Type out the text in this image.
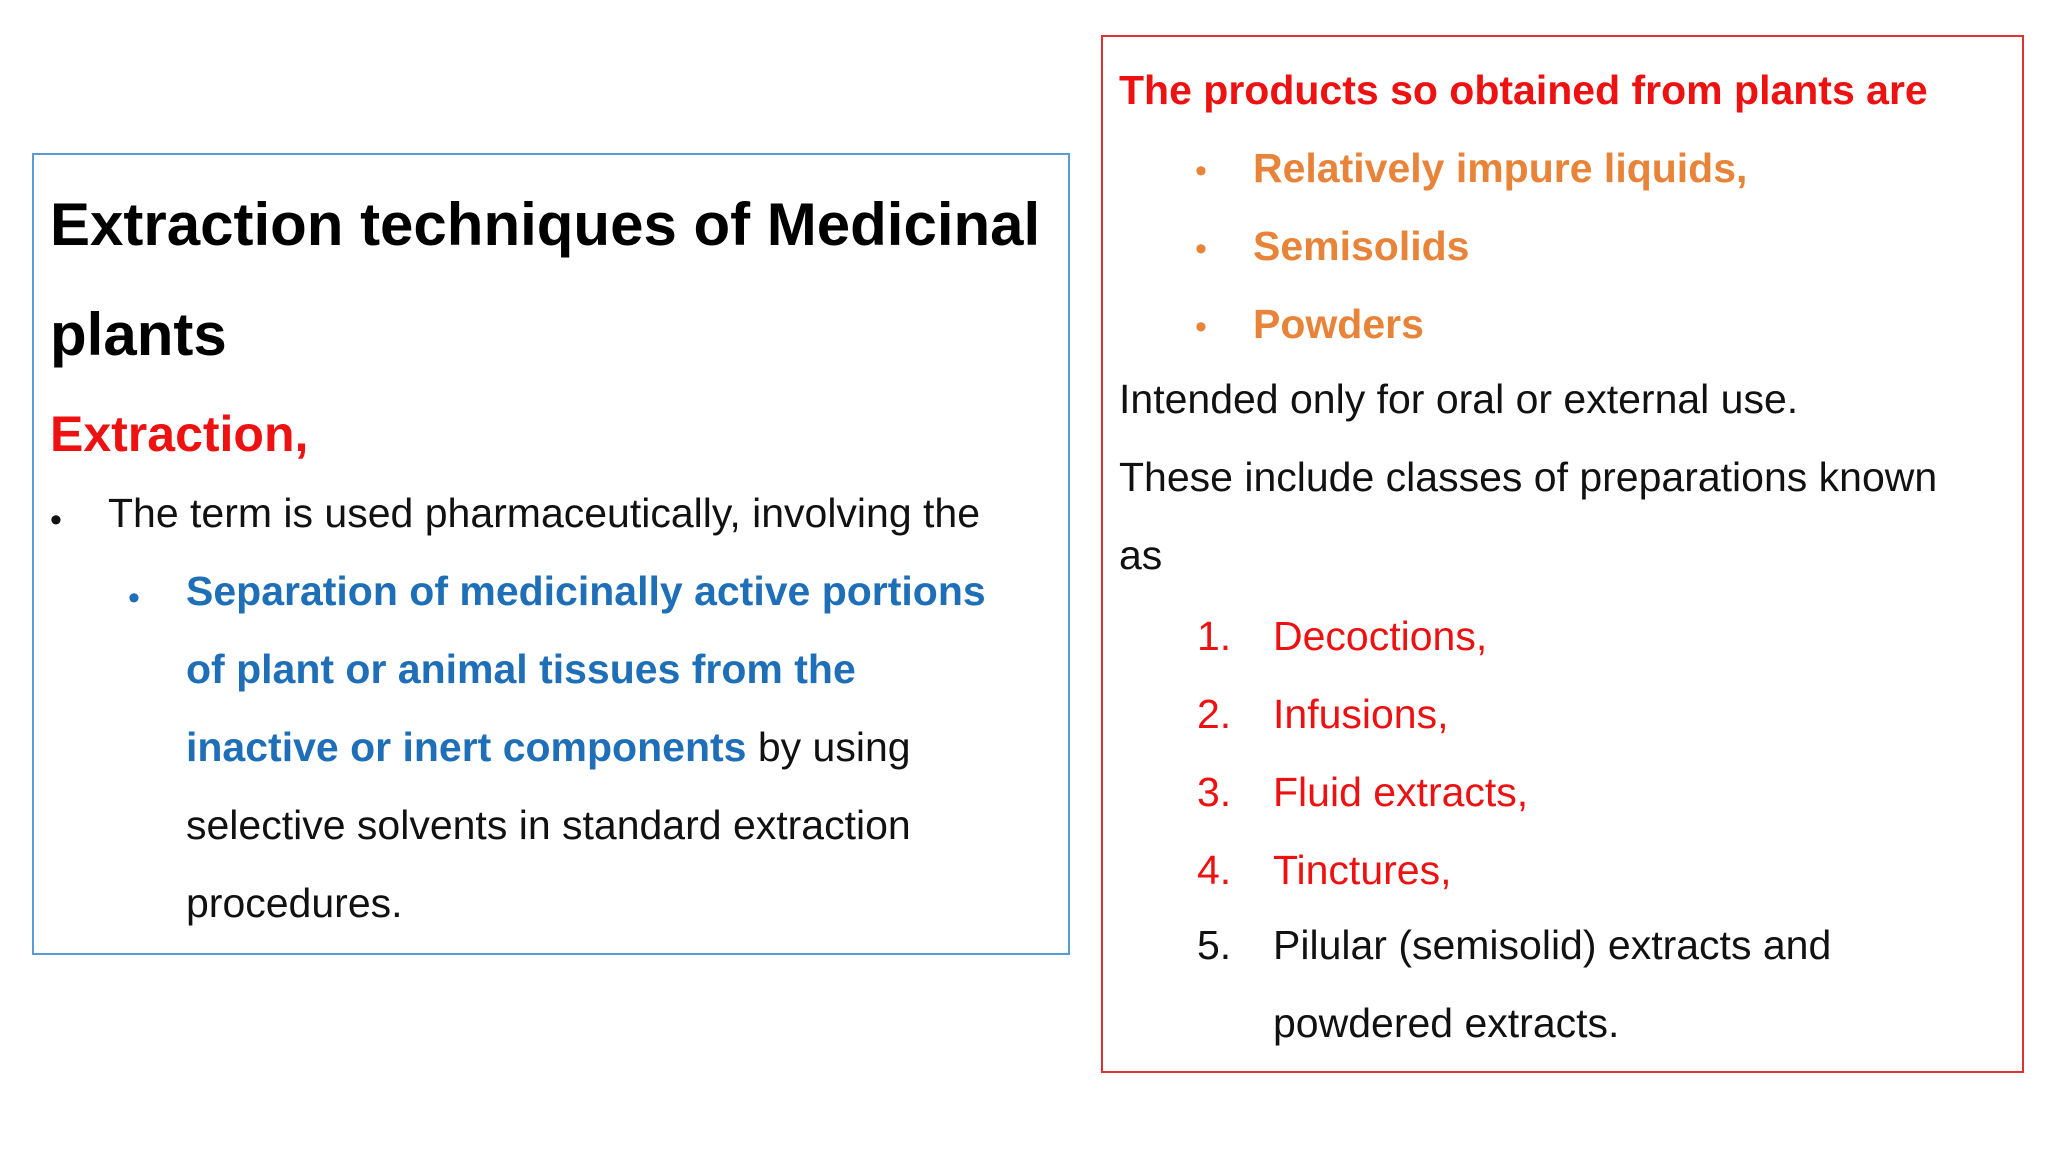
Extraction techniques of Medicinal
plants
Extraction,
• The term is used pharmaceutically, involving the
• Separation of medicinally active portions
of plant or animal tissues from the
inactive or inert components by using
selective solvents in standard extraction
procedures.
The products so obtained from plants are
• Relatively impure liquids,
• Semisolids
• Powders
Intended only for oral or external use.
These include classes of preparations known
as
1. Decoctions,
2. Infusions,
3. Fluid extracts,
4. Tinctures,
5. Pilular (semisolid) extracts and
powdered extracts.
